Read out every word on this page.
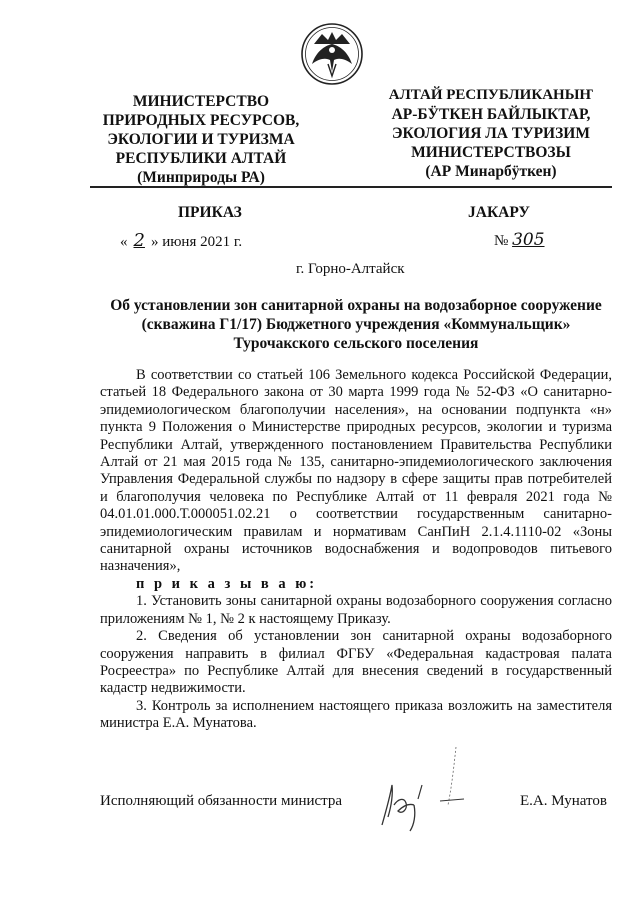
МИНИСТЕРСТВО
ПРИРОДНЫХ РЕСУРСОВ,
ЭКОЛОГИИ И ТУРИЗМА
РЕСПУБЛИКИ АЛТАЙ
(Минприроды РА)
АЛТАЙ РЕСПУБЛИКАНЫҤ
АР-БӰТКЕН БАЙЛЫКТАР,
ЭКОЛОГИЯ ЛА ТУРИЗИМ
МИНИСТЕРСТВОЗЫ
(АР Минарбӱткен)
ПРИКАЗ	JАКАРУ
« 2 » июня 2021 г.	№ 305
г. Горно-Алтайск
Об установлении зон санитарной охраны на водозаборное сооружение
(скважина Г1/17) Бюджетного учреждения «Коммунальщик»
Турочакского сельского поселения

В соответствии со статьей 106 Земельного кодекса Российской Федерации, статьей 18 Федерального закона от 30 марта 1999 года № 52-ФЗ «О санитарно-эпидемиологическом благополучии населения», на основании подпункта «н» пункта 9 Положения о Министерстве природных ресурсов, экологии и туризма Республики Алтай, утвержденного постановлением Правительства Республики Алтай от 21 мая 2015 года № 135, санитарно-эпидемиологического заключения Управления Федеральной службы по надзору в сфере защиты прав потребителей и благополучия человека по Республике Алтай от 11 февраля 2021 года № 04.01.01.000.Т.000051.02.21 о соответствии государственным санитарно-эпидемиологическим правилам и нормативам СанПиН 2.1.4.1110-02 «Зоны санитарной охраны источников водоснабжения и водопроводов питьевого назначения»,

п р и к а з ы в а ю:

1. Установить зоны санитарной охраны водозаборного сооружения согласно приложениям № 1, № 2 к настоящему Приказу.

2. Сведения об установлении зон санитарной охраны водозаборного сооружения направить в филиал ФГБУ «Федеральная кадастровая палата Росреестра» по Республике Алтай для внесения сведений в государственный кадастр недвижимости.

3. Контроль за исполнением настоящего приказа возложить на заместителя министра Е.А. Мунатова.

Исполняющий обязанности министра	Е.А. Мунатов
